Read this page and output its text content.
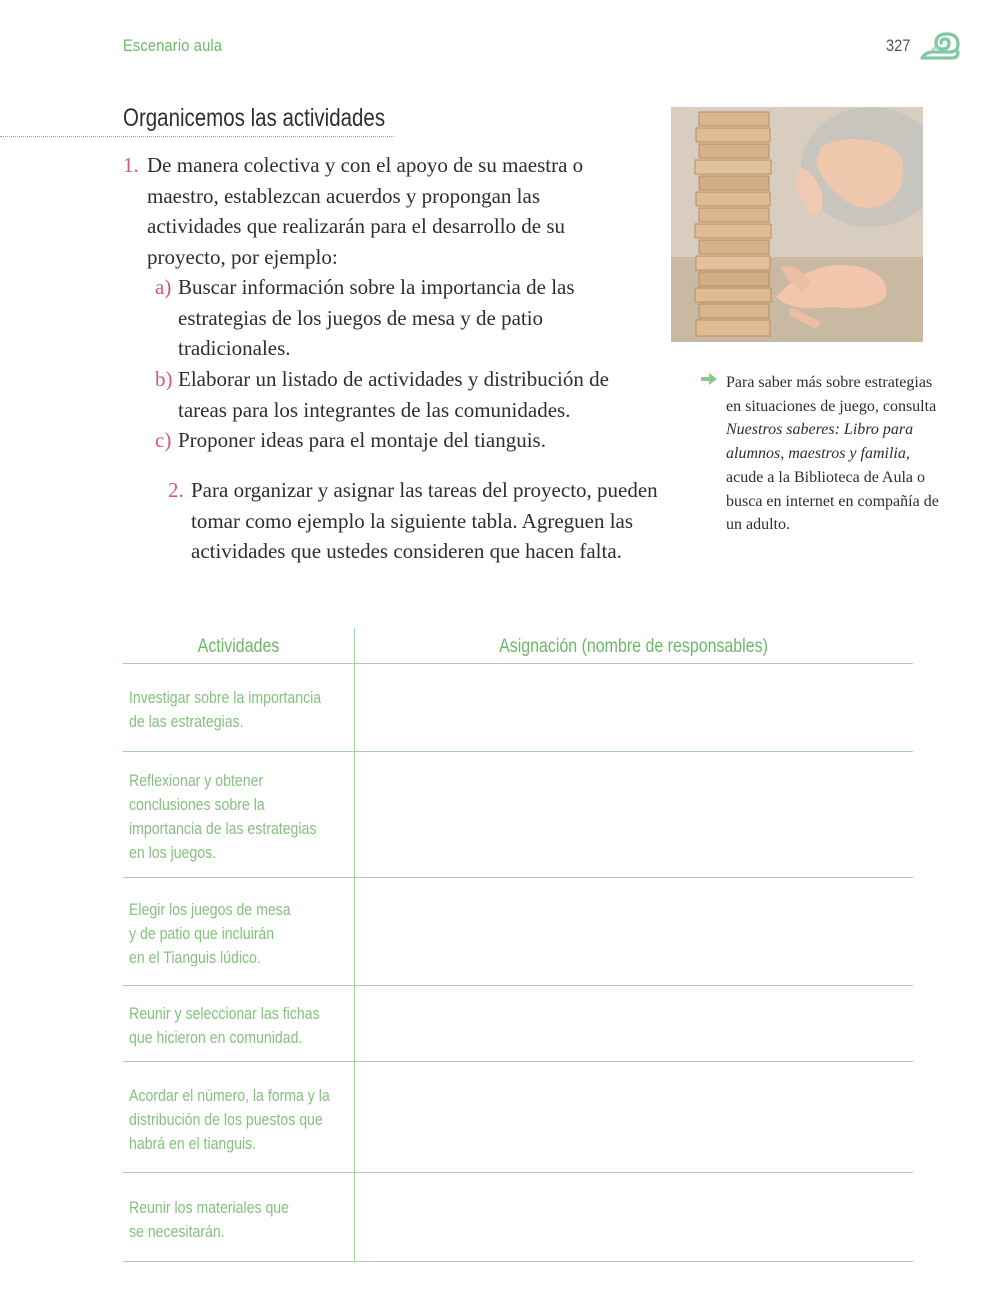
Escenario aula	327
Organicemos las actividades
1. De manera colectiva y con el apoyo de su maestra o maestro, establezcan acuerdos y propongan las actividades que realizarán para el desarrollo de su proyecto, por ejemplo:
a) Buscar información sobre la importancia de las estrategias de los juegos de mesa y de patio tradicionales.
b) Elaborar un listado de actividades y distribución de tareas para los integrantes de las comunidades.
c) Proponer ideas para el montaje del tianguis.
2. Para organizar y asignar las tareas del proyecto, pueden tomar como ejemplo la siguiente tabla. Agreguen las actividades que ustedes consideren que hacen falta.
Para saber más sobre estrategias en situaciones de juego, consulta Nuestros saberes: Libro para alumnos, maestros y familia, acude a la Biblioteca de Aula o busca en internet en compañía de un adulto.
Actividades	Asignación (nombre de responsables)
Investigar sobre la importancia
de las estrategias.
Reflexionar y obtener
conclusiones sobre la
importancia de las estrategias
en los juegos.
Elegir los juegos de mesa
y de patio que incluirán
en el Tianguis lúdico.
Reunir y seleccionar las fichas
que hicieron en comunidad.
Acordar el número, la forma y la
distribución de los puestos que
habrá en el tianguis.
Reunir los materiales que
se necesitarán.
